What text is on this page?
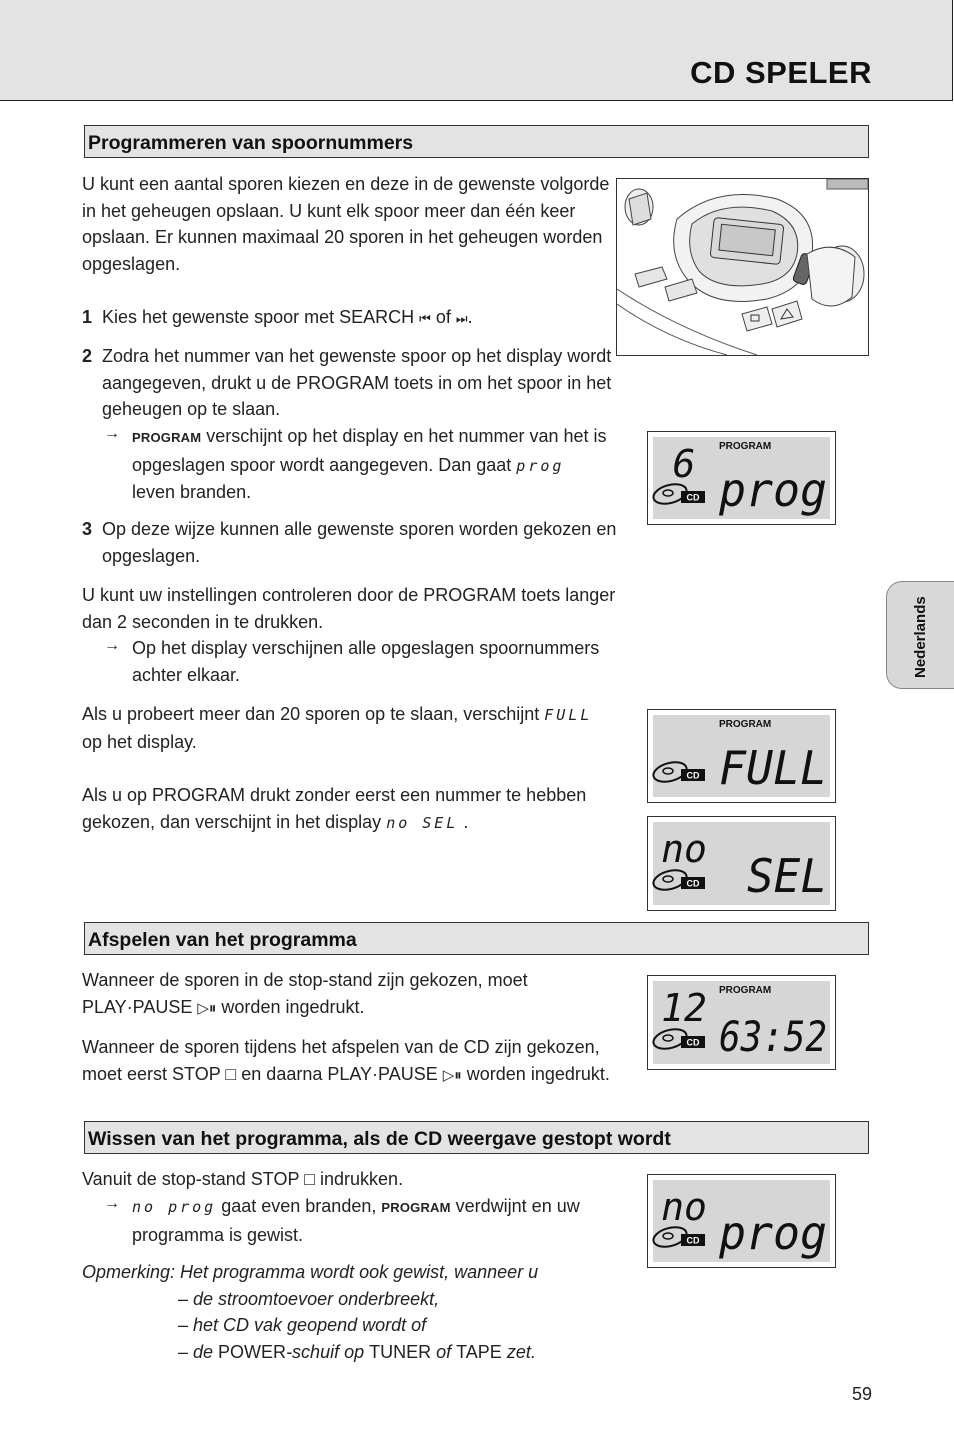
CD SPELER
Programmeren van spoornummers
U kunt een aantal sporen kiezen en deze in de gewenste volgorde
in het geheugen opslaan. U kunt elk spoor meer dan één keer
opslaan. Er kunnen maximaal 20 sporen in het geheugen worden
opgeslagen.
1 Kies het gewenste spoor met SEARCH ⏮ of ⏭.
2 Zodra het nummer van het gewenste spoor op het display wordt
aangegeven, drukt u de PROGRAM toets in om het spoor in het
geheugen op te slaan.
→ PROGRAM verschijnt op het display en het nummer van het is
opgeslagen spoor wordt aangegeven. Dan gaat prog
leven branden.
3 Op deze wijze kunnen alle gewenste sporen worden gekozen en
opgeslagen.
U kunt uw instellingen controleren door de PROGRAM toets langer
dan 2 seconden in te drukken.
→ Op het display verschijnen alle opgeslagen spoornummers
achter elkaar.
Als u probeert meer dan 20 sporen op te slaan, verschijnt FULL
op het display.
Als u op PROGRAM drukt zonder eerst een nummer te hebben
gekozen, dan verschijnt in het display no SEL .
Afspelen van het programma
Wanneer de sporen in de stop-stand zijn gekozen, moet
PLAY·PAUSE ▷⏸ worden ingedrukt.
Wanneer de sporen tijdens het afspelen van de CD zijn gekozen,
moet eerst STOP □ en daarna PLAY·PAUSE ▷⏸ worden ingedrukt.
Wissen van het programma, als de CD weergave gestopt wordt
Vanuit de stop-stand STOP □ indrukken.
→ no prog gaat even branden, PROGRAM verdwijnt en uw
programma is gewist.
Opmerking: Het programma wordt ook gewist, wanneer u
– de stroomtoevoer onderbreekt,
– het CD vak geopend wordt of
– de POWER-schuif op TUNER of TAPE zet.
CD
PROGRAM
6 prog
CD
PROGRAM
FULL
CD
no SEL
CD
PROGRAM
12
63:52
CD
no prog
Nederlands
59
